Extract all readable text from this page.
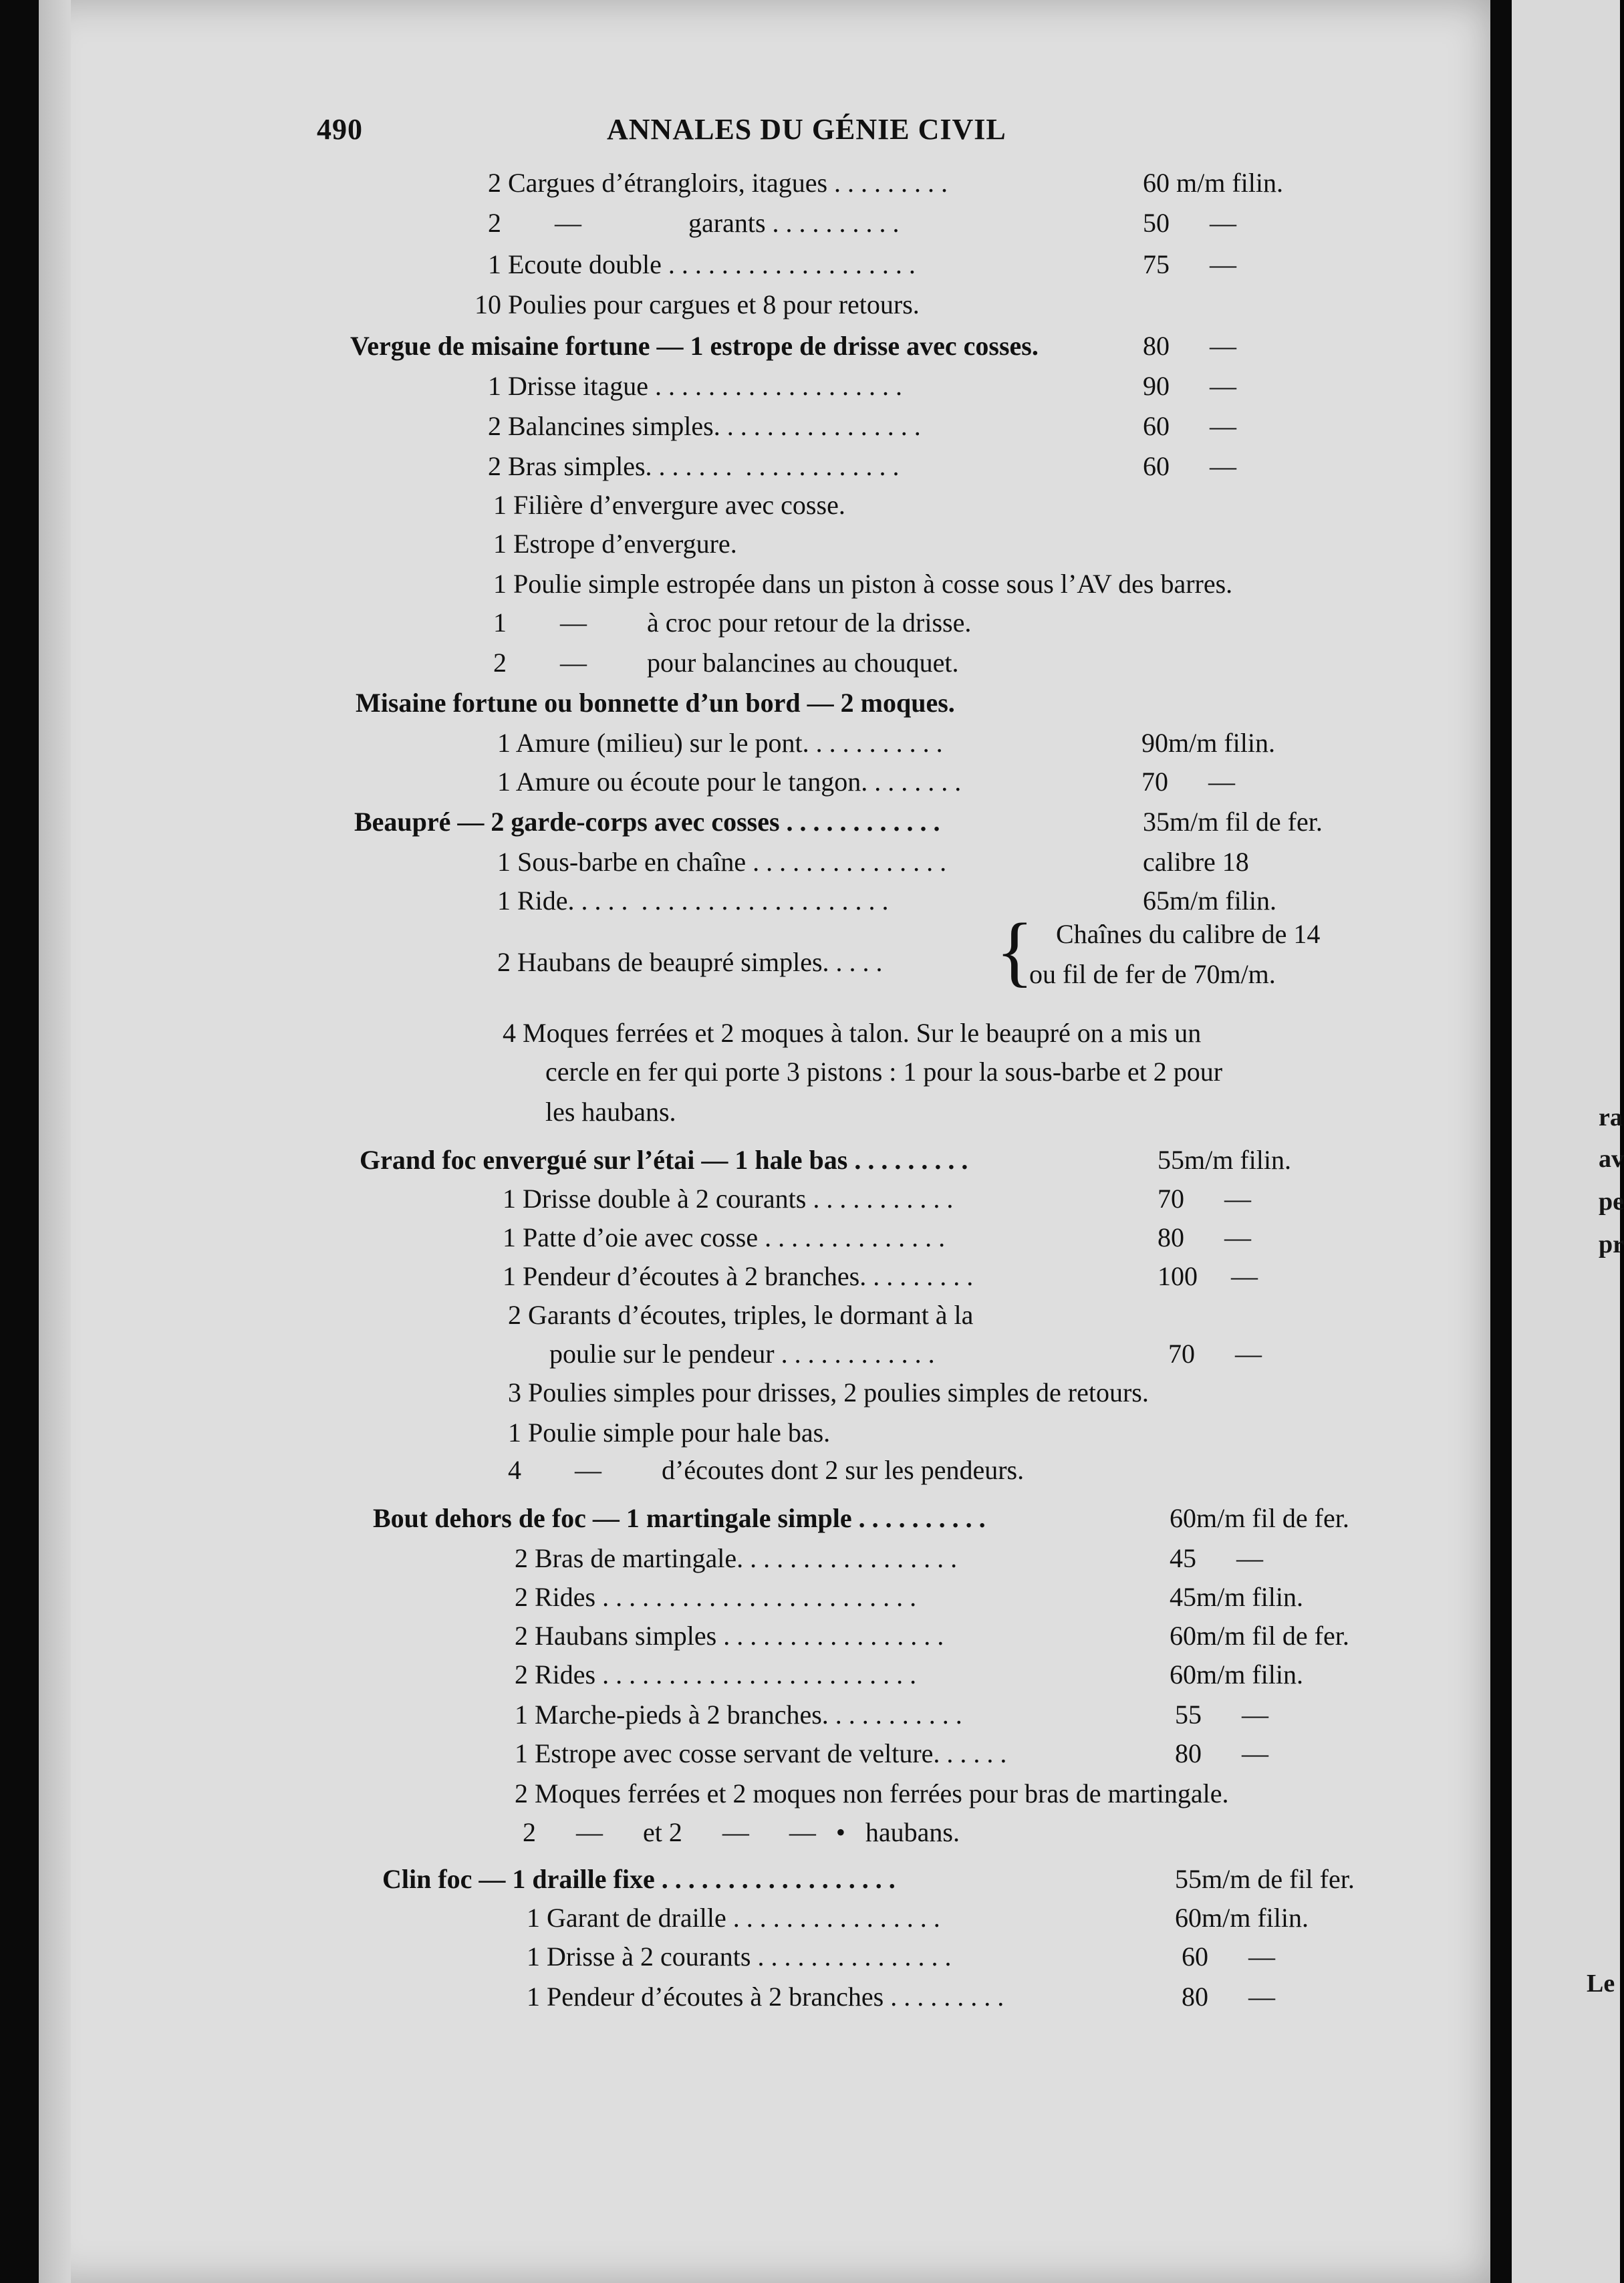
490	ANNALES DU GÉNIE CIVIL
2 Cargues d’étrangloirs, itagues . . . . . . . . .	60 m/m filin.
2        —                garants . . . . . . . . . .	50      —
1 Ecoute double . . . . . . . . . . . . . . . . . . .	75      —
10 Poulies pour cargues et 8 pour retours.
Vergue de misaine fortune — 1 estrope de drisse avec cosses.	80      —
1 Drisse itague . . . . . . . . . . . . . . . . . . .	90      —
2 Balancines simples. . . . . . . . . . . . . . . .	60      —
2 Bras simples. . . . . . .  . . . . . . . . . . . .	60      —
1 Filière d’envergure avec cosse.
1 Estrope d’envergure.
1 Poulie simple estropée dans un piston à cosse sous l’AV des barres.
1        —         à croc pour retour de la drisse.
2        —         pour balancines au chouquet.
Misaine fortune ou bonnette d’un bord — 2 moques.
1 Amure (milieu) sur le pont. . . . . . . . . . .	90m/m filin.
1 Amure ou écoute pour le tangon. . . . . . . .	70      —
Beaupré — 2 garde-corps avec cosses . . . . . . . . . . . .	35m/m fil de fer.
1 Sous-barbe en chaîne . . . . . . . . . . . . . . .	calibre 18
1 Ride. . . . .  . . . . . . . . . . . . . . . . . . .	65m/m filin.
2 Haubans de beaupré simples. . . . . { Chaînes du calibre de 14
ou fil de fer de 70m/m.
4 Moques ferrées et 2 moques à talon. Sur le beaupré on a mis un
cercle en fer qui porte 3 pistons : 1 pour la sous-barbe et 2 pour
les haubans.
Grand foc envergué sur l’étai — 1 hale bas . . . . . . . . .	55m/m filin.
1 Drisse double à 2 courants . . . . . . . . . . .	70      —
1 Patte d’oie avec cosse . . . . . . . . . . . . . .	80      —
1 Pendeur d’écoutes à 2 branches. . . . . . . . .	100     —
2 Garants d’écoutes, triples, le dormant à la
poulie sur le pendeur . . . . . . . . . . . .	70      —
3 Poulies simples pour drisses, 2 poulies simples de retours.
1 Poulie simple pour hale bas.
4        —         d’écoutes dont 2 sur les pendeurs.
Bout dehors de foc — 1 martingale simple . . . . . . . . . .	60m/m fil de fer.
2 Bras de martingale. . . . . . . . . . . . . . . . .	45      —
2 Rides . . . . . . . . . . . . . . . . . . . . . . . .	45m/m filin.
2 Haubans simples . . . . . . . . . . . . . . . . .	60m/m fil de fer.
2 Rides . . . . . . . . . . . . . . . . . . . . . . . .	60m/m filin.
1 Marche-pieds à 2 branches. . . . . . . . . . .	55      —
1 Estrope avec cosse servant de velture. . . . . .	80      —
2 Moques ferrées et 2 moques non ferrées pour bras de martingale.
2      —      et 2      —      —   •   haubans.
Clin foc — 1 draille fixe . . . . . . . . . . . . . . . . . .	55m/m de fil fer.
1 Garant de draille . . . . . . . . . . . . . . . .	60m/m filin.
1 Drisse à 2 courants . . . . . . . . . . . . . . .	60      —
1 Pendeur d’écoutes à 2 branches . . . . . . . . .	80      —
ra
av
pe
pr
Le
